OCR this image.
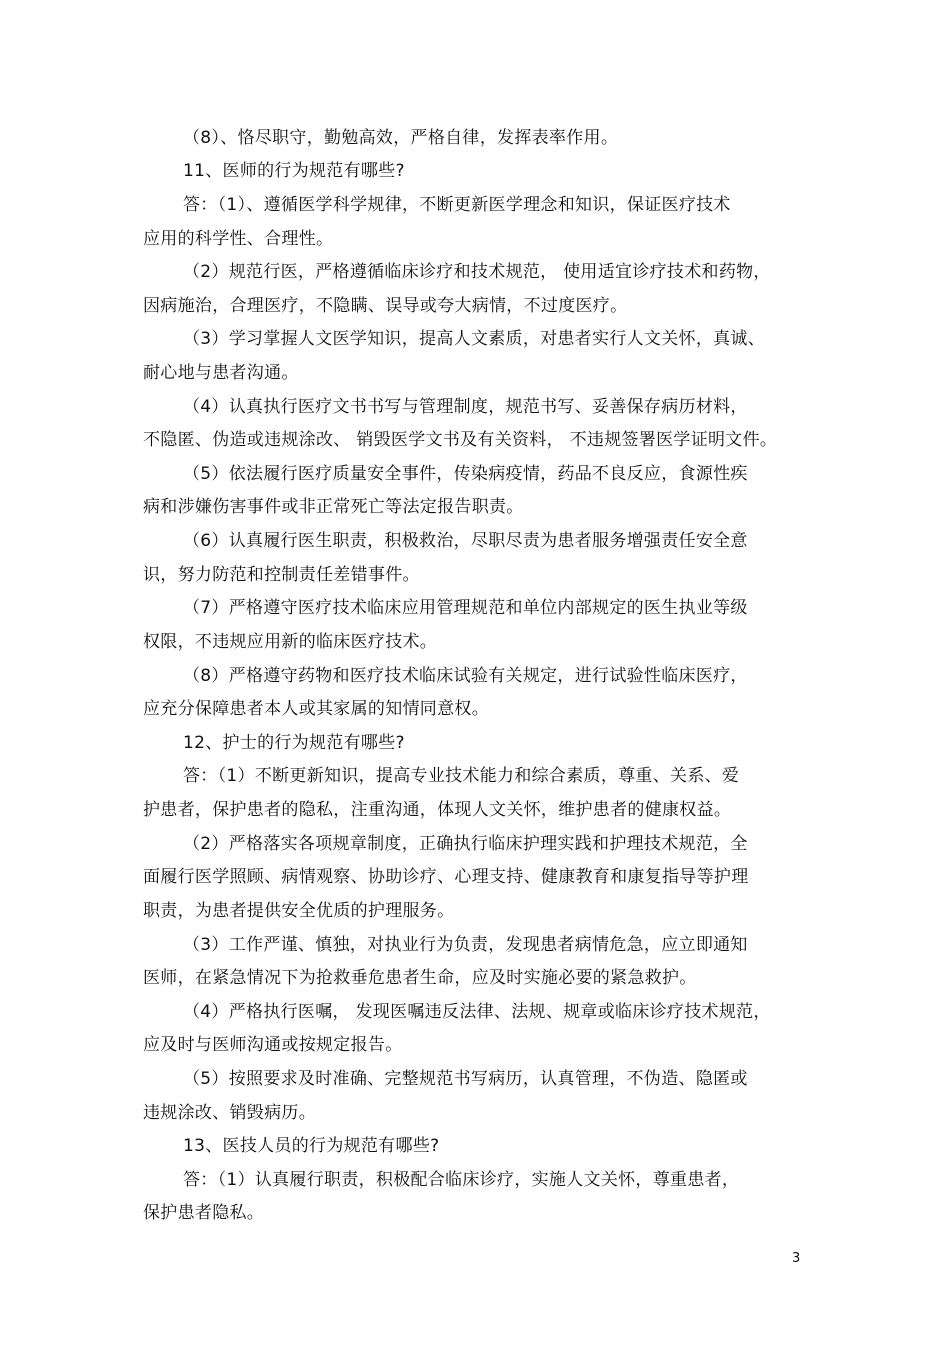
（8）、恪尽职守，勤勉高效，严格自律，发挥表率作用。
11、医师的行为规范有哪些?
答：（1）、遵循医学科学规律，不断更新医学理念和知识，保证医疗技术
应用的科学性、合理性。
（2）规范行医，严格遵循临床诊疗和技术规范， 使用适宜诊疗技术和药物，
因病施治，合理医疗，不隐瞒、误导或夸大病情，不过度医疗。
（3）学习掌握人文医学知识，提高人文素质，对患者实行人文关怀，真诚、
耐心地与患者沟通。
（4）认真执行医疗文书书写与管理制度，规范书写、妥善保存病历材料，
不隐匿、伪造或违规涂改、 销毁医学文书及有关资料， 不违规签署医学证明文件。
（5）依法履行医疗质量安全事件，传染病疫情，药品不良反应，食源性疾
病和涉嫌伤害事件或非正常死亡等法定报告职责。
（6）认真履行医生职责，积极救治，尽职尽责为患者服务增强责任安全意
识，努力防范和控制责任差错事件。
（7）严格遵守医疗技术临床应用管理规范和单位内部规定的医生执业等级
权限，不违规应用新的临床医疗技术。
（8）严格遵守药物和医疗技术临床试验有关规定，进行试验性临床医疗，
应充分保障患者本人或其家属的知情同意权。
12、护士的行为规范有哪些?
答：（1）不断更新知识，提高专业技术能力和综合素质，尊重、关系、爱
护患者，保护患者的隐私，注重沟通，体现人文关怀，维护患者的健康权益。
（2）严格落实各项规章制度，正确执行临床护理实践和护理技术规范，全
面履行医学照顾、病情观察、协助诊疗、心理支持、健康教育和康复指导等护理
职责，为患者提供安全优质的护理服务。
（3）工作严谨、慎独，对执业行为负责，发现患者病情危急，应立即通知
医师，在紧急情况下为抢救垂危患者生命，应及时实施必要的紧急救护。
（4）严格执行医嘱， 发现医嘱违反法律、法规、规章或临床诊疗技术规范，
应及时与医师沟通或按规定报告。
（5）按照要求及时准确、完整规范书写病历，认真管理，不伪造、隐匿或
违规涂改、销毁病历。
13、医技人员的行为规范有哪些?
答：（1）认真履行职责，积极配合临床诊疗，实施人文关怀，尊重患者，
保护患者隐私。
3
